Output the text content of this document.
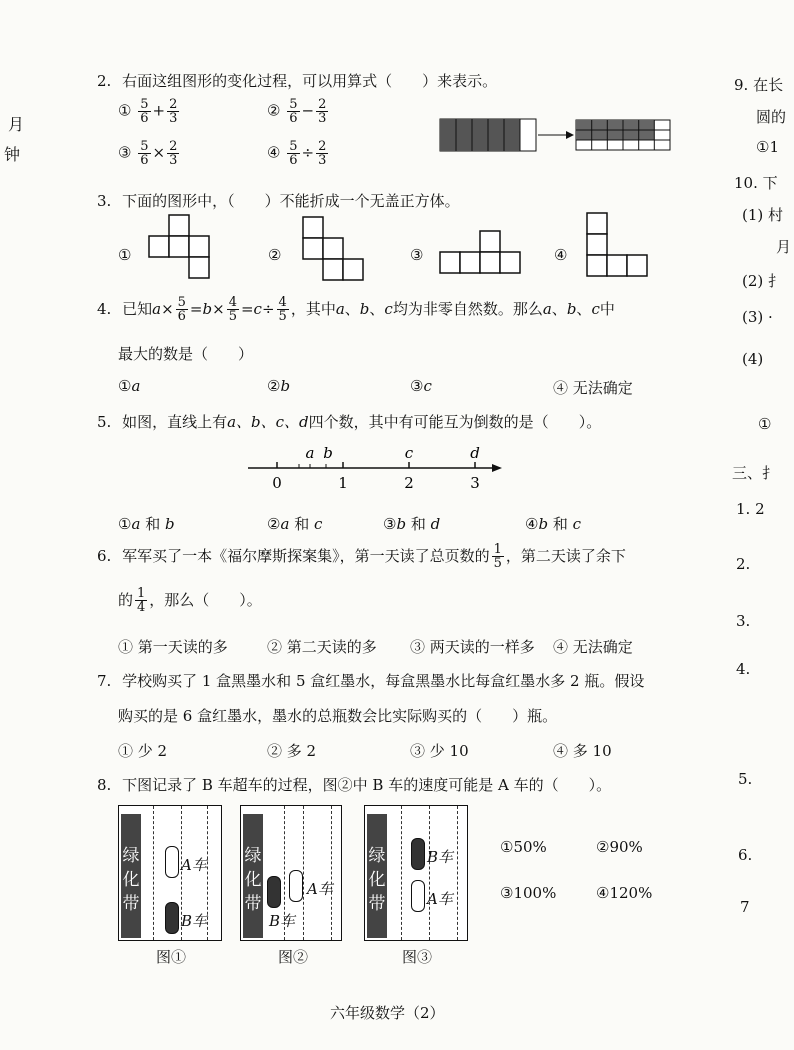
月
钟
2. 右面这组图形的变化过程，可以用算式（ ）来表示。
① $\frac{5}{6} + \frac{2}{3}$	② $\frac{5}{6} - \frac{2}{3}$
③ $\frac{5}{6} \times \frac{2}{3}$	④ $\frac{5}{6} \div \frac{2}{3}$
3. 下面的图形中，（ ）不能折成一个无盖正方体。
①	②	③	④
4. 已知$a\times \frac{5}{6} =b\times \frac{4}{5} =c\div \frac{4}{5}$ ，其中a、b、c均为非零自然数。那么a、b、c中
最大的数是（　　）
①a	②b	③c	④ 无法确定
5. 如图，直线上有a、b、c、d四个数，其中有可能互为倒数的是（ ）。
0	1	2	3
a b	c	d
①a 和 b	②a 和 c	③b 和 d	④b 和 c
6. 军军买了一本《福尔摩斯探案集》，第一天读了总页数的 $\frac{1}{5}$ ，第二天读了余下
的 $\frac{1}{4}$ ，那么（　　）。
① 第一天读的多	② 第二天读的多 ③ 两天读的一样多 ④ 无法确定
7. 学校购买了 1 盒黑墨水和 5 盒红墨水，每盒黑墨水比每盒红墨水多 2 瓶。假设
购买的是 6 盒红墨水，墨水的总瓶数会比实际购买的（　　）瓶。
① 少 2	② 多 2	③ 少 10	④ 多 10
8. 下图记录了 B 车超车的过程，图②中 B 车的速度可能是 A 车的（　　）。
绿
化
带
A车
B车
图①
绿
化
带
B车
A车
图②
绿
化
带
B车
A车
图③
①50%	②90%
③100%	④120%
9. 在长
圆的
①1
10. 下
(1) 村
月
(2) 扌
(3) ·
(4)
①
三、扌
1. 2
2.
3.
4.
5.
6.
7
六年级数学（2）
